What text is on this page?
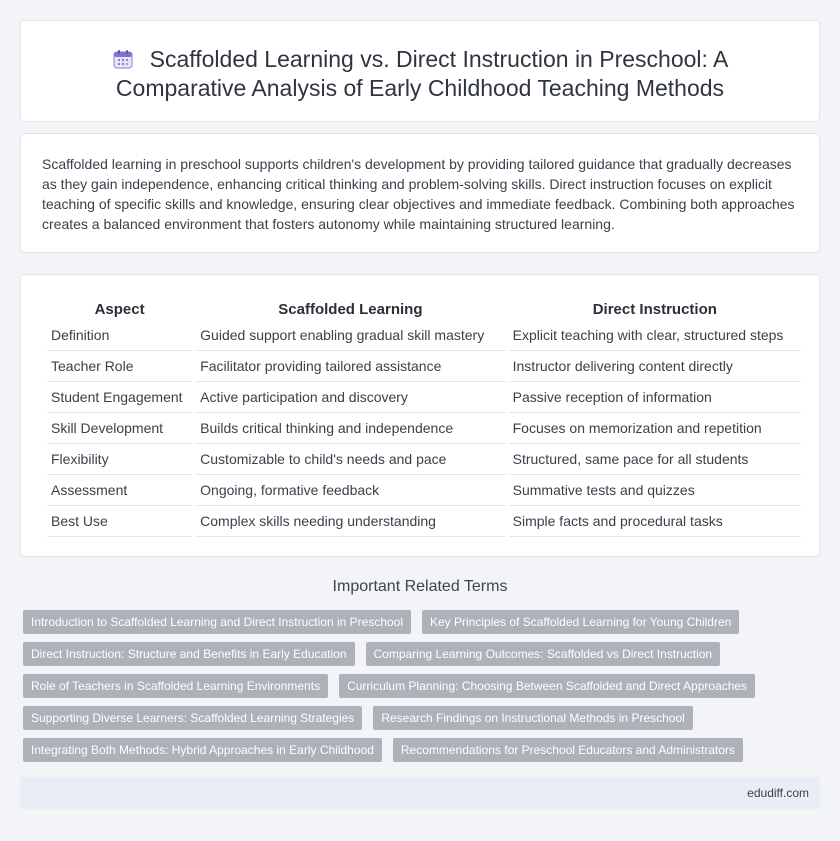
Scaffolded Learning vs. Direct Instruction in Preschool: A Comparative Analysis of Early Childhood Teaching Methods

Scaffolded learning in preschool supports children's development by providing tailored guidance that gradually decreases as they gain independence, enhancing critical thinking and problem-solving skills. Direct instruction focuses on explicit teaching of specific skills and knowledge, ensuring clear objectives and immediate feedback. Combining both approaches creates a balanced environment that fosters autonomy while maintaining structured learning.

Aspect	Scaffolded Learning	Direct Instruction
Definition	Guided support enabling gradual skill mastery	Explicit teaching with clear, structured steps
Teacher Role	Facilitator providing tailored assistance	Instructor delivering content directly
Student Engagement	Active participation and discovery	Passive reception of information
Skill Development	Builds critical thinking and independence	Focuses on memorization and repetition
Flexibility	Customizable to child's needs and pace	Structured, same pace for all students
Assessment	Ongoing, formative feedback	Summative tests and quizzes
Best Use	Complex skills needing understanding	Simple facts and procedural tasks
Important Related Terms
Introduction to Scaffolded Learning and Direct Instruction in Preschool Key Principles of Scaffolded Learning for Young Children
Direct Instruction: Structure and Benefits in Early Education Comparing Learning Outcomes: Scaffolded vs Direct Instruction
Role of Teachers in Scaffolded Learning Environments Curriculum Planning: Choosing Between Scaffolded and Direct Approaches
Supporting Diverse Learners: Scaffolded Learning Strategies Research Findings on Instructional Methods in Preschool
Integrating Both Methods: Hybrid Approaches in Early Childhood Recommendations for Preschool Educators and Administrators
edudiff.com
